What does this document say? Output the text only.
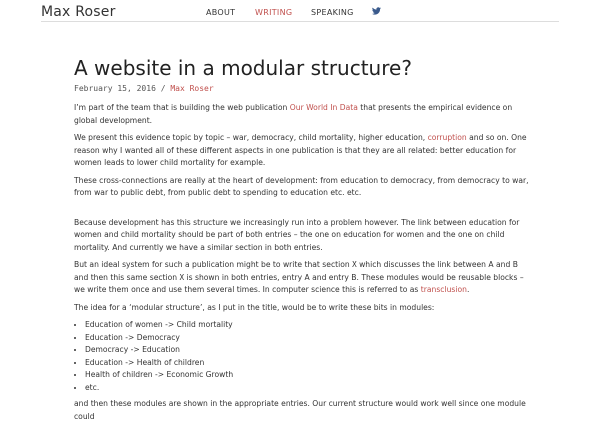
Max Roser	ABOUT WRITING SPEAKING
A website in a modular structure?
February 15, 2016 / Max Roser

I’m part of the team that is building the web publication Our World In Data that presents the empirical evidence on global development.

We present this evidence topic by topic – war, democracy, child mortality, higher education, corruption and so on. One reason why I wanted all of these different aspects in one publication is that they are all related: better education for women leads to lower child mortality for example.

These cross-connections are really at the heart of development: from education to democracy, from democracy to war, from war to public debt, from public debt to spending to education etc. etc.

Because development has this structure we increasingly run into a problem however. The link between education for women and child mortality should be part of both entries – the one on education for women and the one on child mortality. And currently we have a similar section in both entries.

But an ideal system for such a publication might be to write that section X which discusses the link between A and B and then this same section X is shown in both entries, entry A and entry B. These modules would be reusable blocks – we write them once and use them several times. In computer science this is referred to as transclusion.

The idea for a ‘modular structure’, as I put in the title, would be to write these bits in modules:

• Education of women -> Child mortality
• Education -> Democracy
• Democracy -> Education
• Education -> Health of children
• Health of children -> Economic Growth
• etc.

and then these modules are shown in the appropriate entries. Our current structure would work well since one module could
